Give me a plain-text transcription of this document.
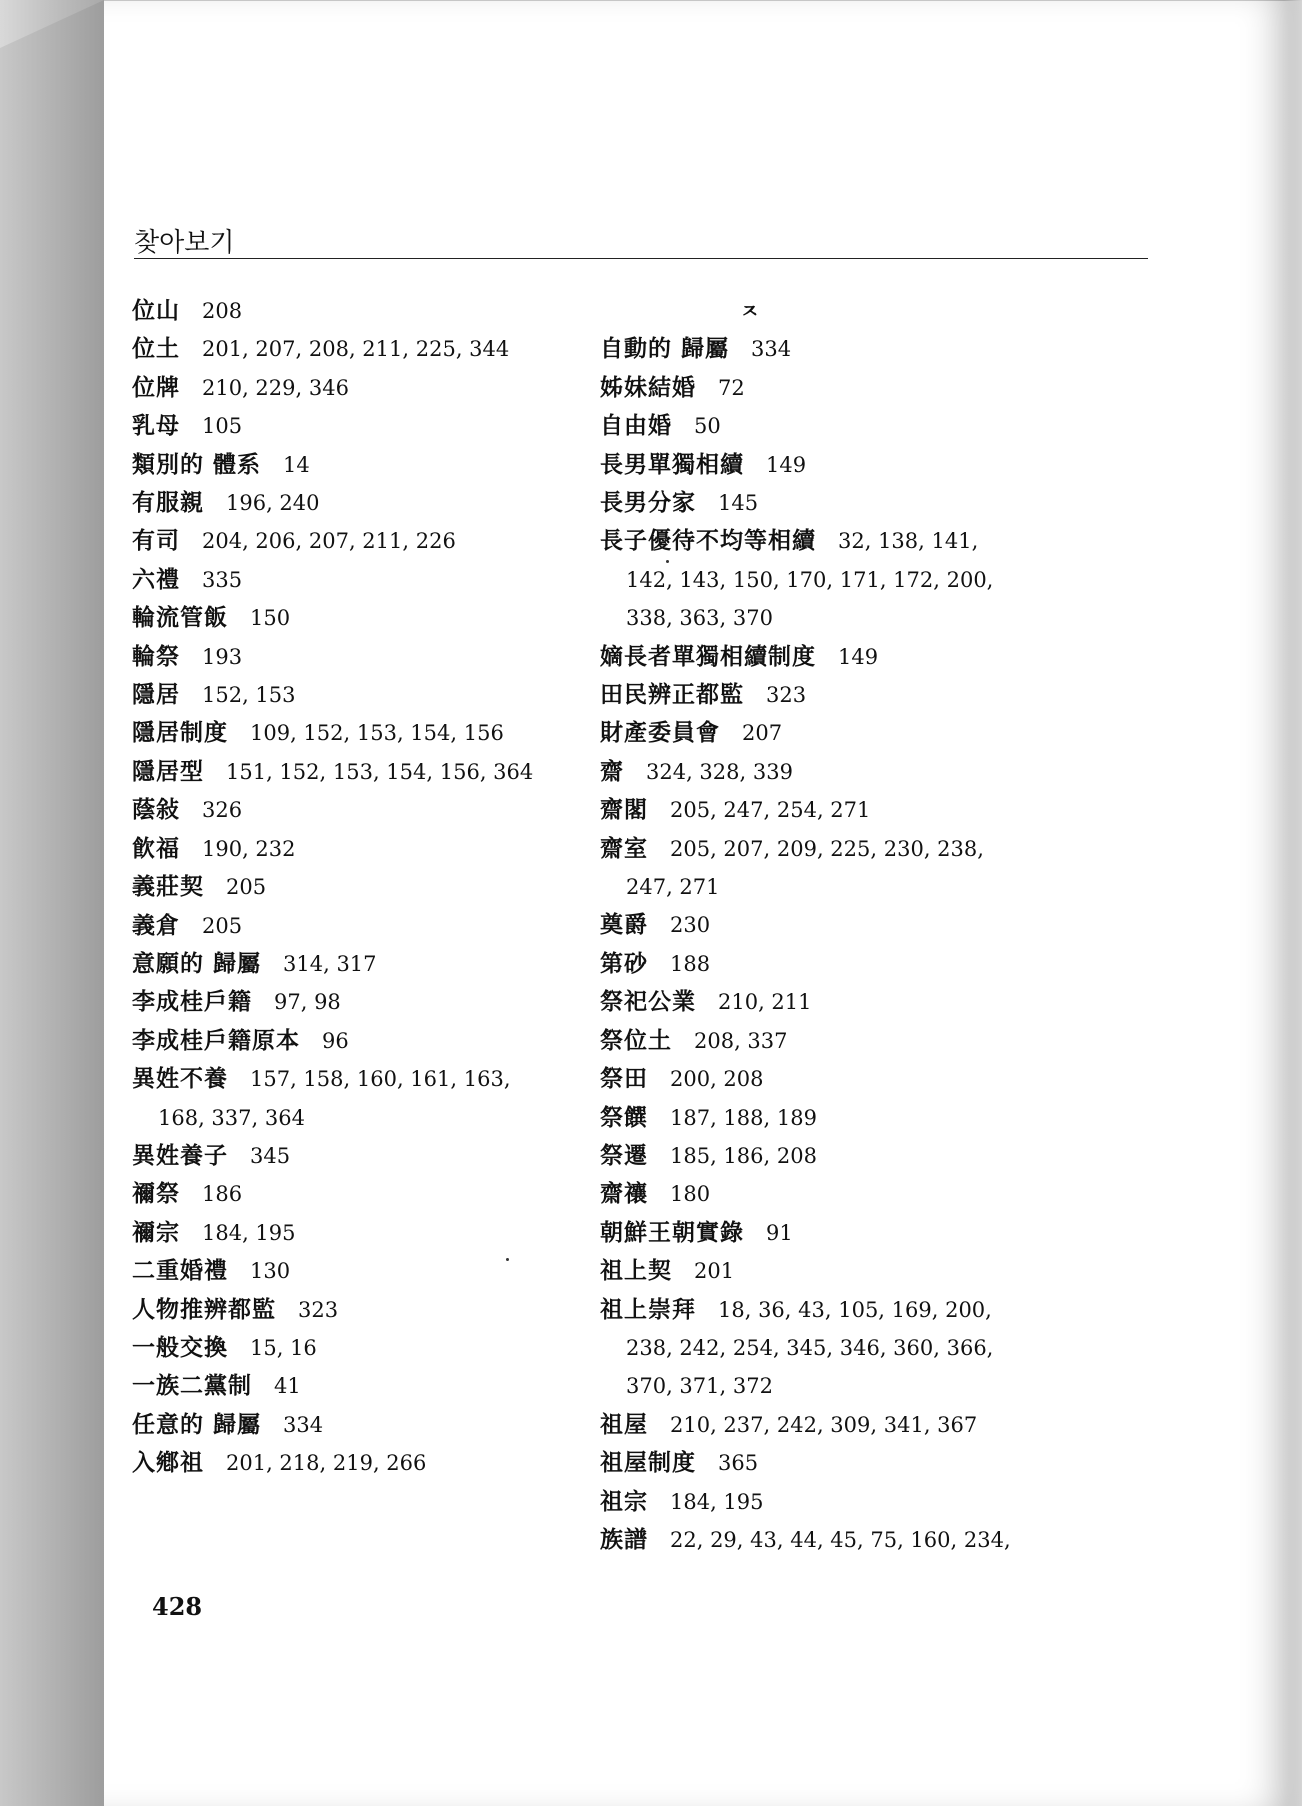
찾아보기
位山 208
位土 201, 207, 208, 211, 225, 344
位牌 210, 229, 346
乳母 105
類別的 體系 14
有服親 196, 240
有司 204, 206, 207, 211, 226
六禮 335
輪流管飯 150
輪祭 193
隱居 152, 153
隱居制度 109, 152, 153, 154, 156
隱居型 151, 152, 153, 154, 156, 364
蔭敍 326
飮福 190, 232
義莊契 205
義倉 205
意願的 歸屬 314, 317
李成桂戶籍 97, 98
李成桂戶籍原本 96
異姓不養 157, 158, 160, 161, 163,
168, 337, 364
異姓養子 345
禰祭 186
禰宗 184, 195
二重婚禮 130
人物推辨都監 323
一般交換 15, 16
一族二黨制 41
任意的 歸屬 334
入鄕祖 201, 218, 219, 266
ㅈ
自動的 歸屬 334
姊妹結婚 72
自由婚 50
長男單獨相續 149
長男分家 145
長子優待不均等相續 32, 138, 141,
142, 143, 150, 170, 171, 172, 200,
338, 363, 370
嫡長者單獨相續制度 149
田民辨正都監 323
財產委員會 207
齋 324, 328, 339
齋閣 205, 247, 254, 271
齋室 205, 207, 209, 225, 230, 238,
247, 271
奠爵 230
第砂 188
祭祀公業 210, 211
祭位土 208, 337
祭田 200, 208
祭饌 187, 188, 189
祭遷 185, 186, 208
齋禳 180
朝鮮王朝實錄 91
祖上契 201
祖上崇拜 18, 36, 43, 105, 169, 200,
238, 242, 254, 345, 346, 360, 366,
370, 371, 372
祖屋 210, 237, 242, 309, 341, 367
祖屋制度 365
祖宗 184, 195
族譜 22, 29, 43, 44, 45, 75, 160, 234,
428
